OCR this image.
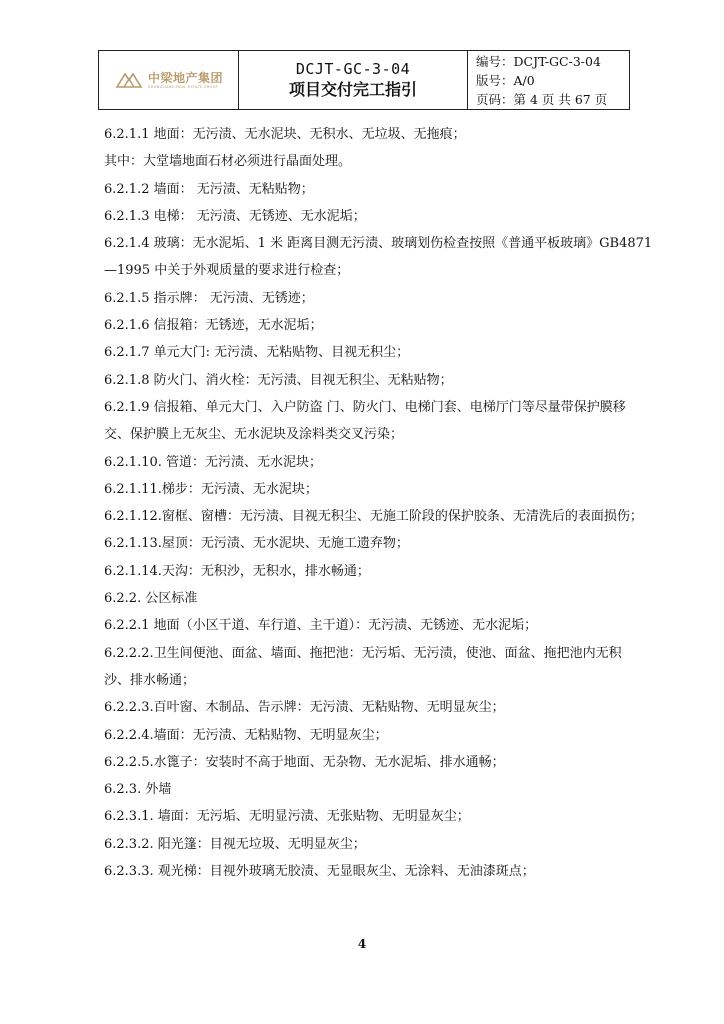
中梁地产集团
ZHONGLIANG REAL ESTATE GROUP
DCJT-GC-3-04
项目交付完工指引
编号：DCJT-GC-3-04
版号：A/0
页码：第 4 页 共 67 页
6.2.1.1 地面：无污渍、无水泥块、无积水、无垃圾、无拖痕；
其中：大堂墙地面石材必须进行晶面处理。
6.2.1.2 墙面： 无污渍、无粘贴物；
6.2.1.3 电梯： 无污渍、无锈迹、无水泥垢；
6.2.1.4 玻璃：无水泥垢、1 米 距离目测无污渍、玻璃划伤检查按照《普通平板玻璃》GB4871
—1995 中关于外观质量的要求进行检查；
6.2.1.5 指示牌： 无污渍、无锈迹；
6.2.1.6 信报箱：无锈迹，无水泥垢；
6.2.1.7 单元大门: 无污渍、无粘贴物、目视无积尘；
6.2.1.8 防火门、消火栓：无污渍、目视无积尘、无粘贴物；
6.2.1.9 信报箱、单元大门、入户防盗 门、防火门、电梯门套、电梯厅门等尽量带保护膜移
交、保护膜上无灰尘、无水泥块及涂料类交叉污染；
6.2.1.10. 管道：无污渍、无水泥块；
6.2.1.11.梯步：无污渍、无水泥块；
6.2.1.12.窗框、窗槽：无污渍、目视无积尘、无施工阶段的保护胶条、无清洗后的表面损伤；
6.2.1.13.屋顶：无污渍、无水泥块、无施工遗弃物；
6.2.1.14.天沟：无积沙，无积水，排水畅通；
6.2.2. 公区标准
6.2.2.1 地面（小区干道、车行道、主干道）：无污渍、无锈迹、无水泥垢；
6.2.2.2.卫生间便池、面盆、墙面、拖把池：无污垢、无污渍，使池、面盆、拖把池内无积
沙、排水畅通；
6.2.2.3.百叶窗、木制品、告示牌：无污渍、无粘贴物、无明显灰尘；
6.2.2.4.墙面：无污渍、无粘贴物、无明显灰尘；
6.2.2.5.水篦子：安装时不高于地面、无杂物、无水泥垢、排水通畅；
6.2.3. 外墙
6.2.3.1. 墙面：无污垢、无明显污渍、无张贴物、无明显灰尘；
6.2.3.2. 阳光篷：目视无垃圾、无明显灰尘；
6.2.3.3. 观光梯：目视外玻璃无胶渍、无显眼灰尘、无涂料、无油漆斑点；
4
